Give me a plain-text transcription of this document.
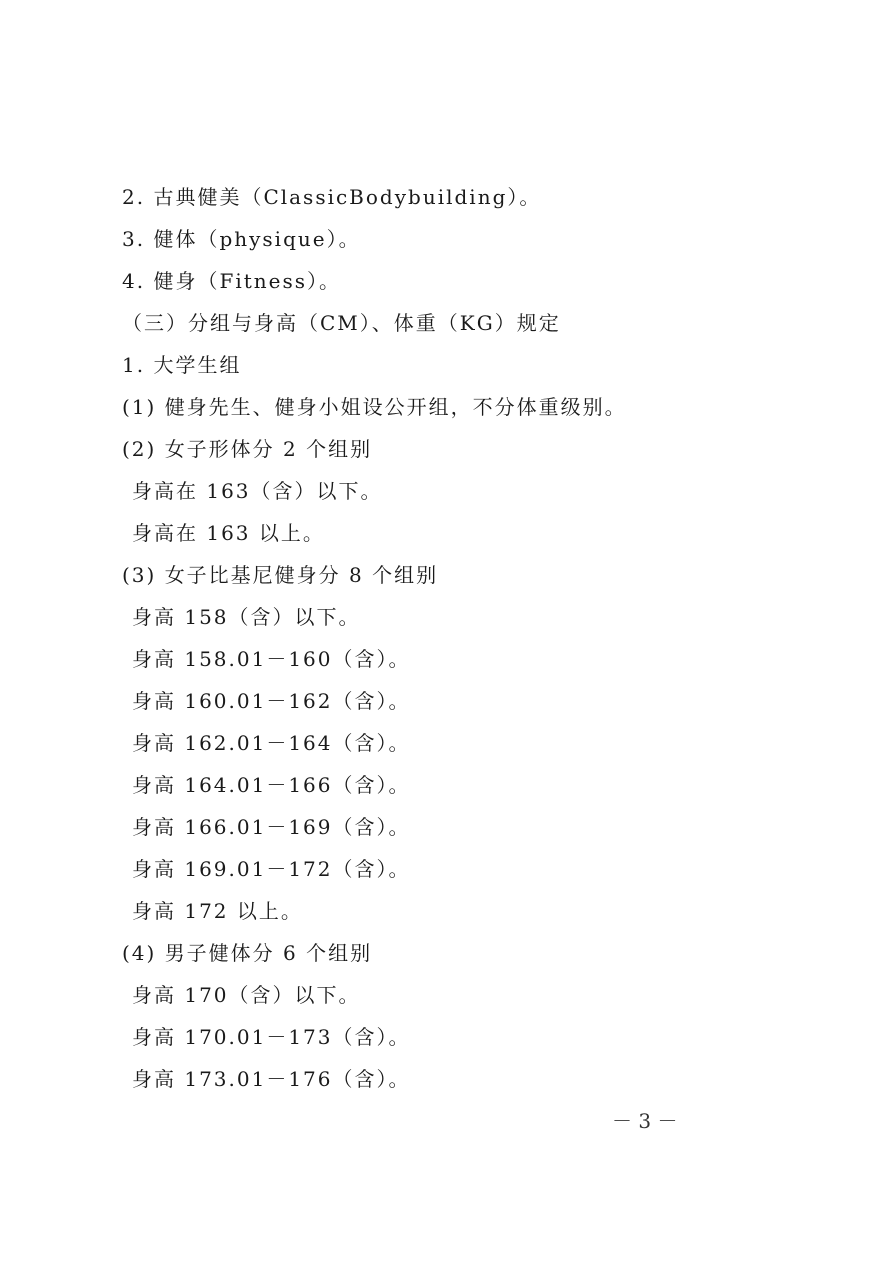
2. 古典健美（ClassicBodybuilding）。
3. 健体（physique）。
4. 健身（Fitness）。
（三）分组与身高（CM）、体重（KG）规定
1. 大学生组
(1) 健身先生、健身小姐设公开组，不分体重级别。
(2) 女子形体分 2 个组别
身高在 163（含）以下。
身高在 163 以上。
(3) 女子比基尼健身分 8 个组别
身高 158（含）以下。
身高 158.01－160（含）。
身高 160.01－162（含）。
身高 162.01－164（含）。
身高 164.01－166（含）。
身高 166.01－169（含）。
身高 169.01－172（含）。
身高 172 以上。
(4) 男子健体分 6 个组别
身高 170（含）以下。
身高 170.01－173（含）。
身高 173.01－176（含）。
－ 3 －
